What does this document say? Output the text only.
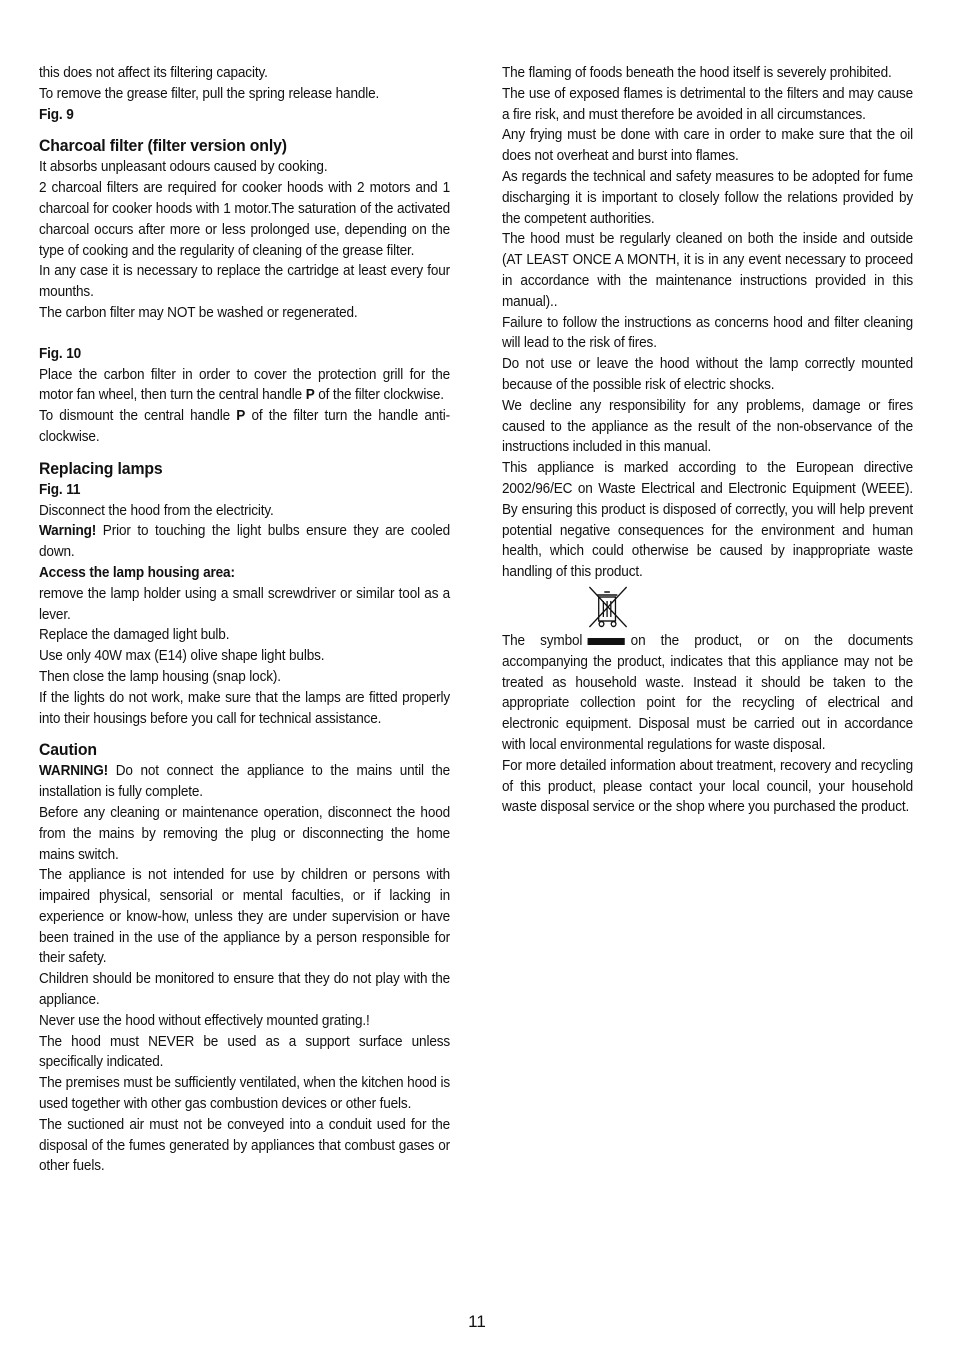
this does not affect its filtering capacity.

To remove the grease filter, pull the spring release handle.

Fig. 9

Charcoal filter (filter version only)

It absorbs unpleasant odours caused by cooking.

2 charcoal filters are required for cooker hoods with 2 motors and 1 charcoal for cooker hoods with 1 motor.The saturation of the activated charcoal occurs after more or less prolonged use, depending on the type of cooking and the regularity of cleaning of the grease filter.

In any case it is necessary to replace the cartridge at least every four mounths.

The carbon filter may NOT be washed or regenerated.

Fig. 10

Place the carbon filter in order to cover the protection grill for the motor fan wheel, then turn the central handle P of the filter clockwise.

To dismount the central handle P of the filter turn the handle anti-clockwise.

Replacing lamps

Fig. 11

Disconnect the hood from the electricity.

Warning! Prior to touching the light bulbs ensure they are cooled down.

Access the lamp housing area:

remove the lamp holder using a small screwdriver or similar tool as a lever.

Replace the damaged light bulb.

Use only 40W max (E14) olive shape light bulbs.

Then close the lamp housing (snap lock).

If the lights do not work, make sure that the lamps are fitted properly into their housings before you call for technical assistance.

Caution

WARNING! Do not connect the appliance to the mains until the installation is fully complete.

Before any cleaning or maintenance operation, disconnect the hood from the mains by removing the plug or disconnecting the home mains switch.

The appliance is not intended for use by children or persons with impaired physical, sensorial or mental faculties, or if lacking in experience or know-how, unless they are under supervision or have been trained in the use of the appliance by a person responsible for their safety.

Children should be monitored to ensure that they do not play with the appliance.

Never use the hood without effectively mounted grating.!

The hood must NEVER be used as a support surface unless specifically indicated.

The premises must be sufficiently ventilated, when the kitchen hood is used together with other gas combustion devices or other fuels.

The suctioned air must not be conveyed into a conduit used for the disposal of the fumes generated by appliances that combust gases or other fuels.

The flaming of foods beneath the hood itself is severely prohibited.

The use of exposed flames is detrimental to the filters and may cause a fire risk, and must therefore be avoided in all circumstances.

Any frying must be done with care in order to make sure that the oil does not overheat and burst into flames.

As regards the technical and safety measures to be adopted for fume discharging it is important to closely follow the relations provided by the competent authorities.

The hood must be regularly cleaned on both the inside and outside (AT LEAST ONCE A MONTH, it is in any event necessary to proceed in accordance with the maintenance instructions provided in this manual)..

Failure to follow the instructions as concerns hood and filter cleaning will lead to the risk of fires.

Do not use or leave the hood without the lamp correctly mounted because of the possible risk of electric shocks.

We decline any responsibility for any problems, damage or fires caused to the appliance as the result of the non-observance of the instructions included in this manual.

This appliance is marked according to the European directive 2002/96/EC on Waste Electrical and Electronic Equipment (WEEE). By ensuring this product is disposed of correctly, you will help prevent potential negative consequences for the environment and human health, which could otherwise be caused by inappropriate waste handling of this product.

The symbol	on the product, or on the documents accompanying the product, indicates that this appliance may not be treated as household waste. Instead it should be taken to the appropriate collection point for the recycling of electrical and electronic equipment. Disposal must be carried out in accordance with local environmental regulations for waste disposal.

For more detailed information about treatment, recovery and recycling of this product, please contact your local council, your household waste disposal service or the shop where you purchased the product.

11
